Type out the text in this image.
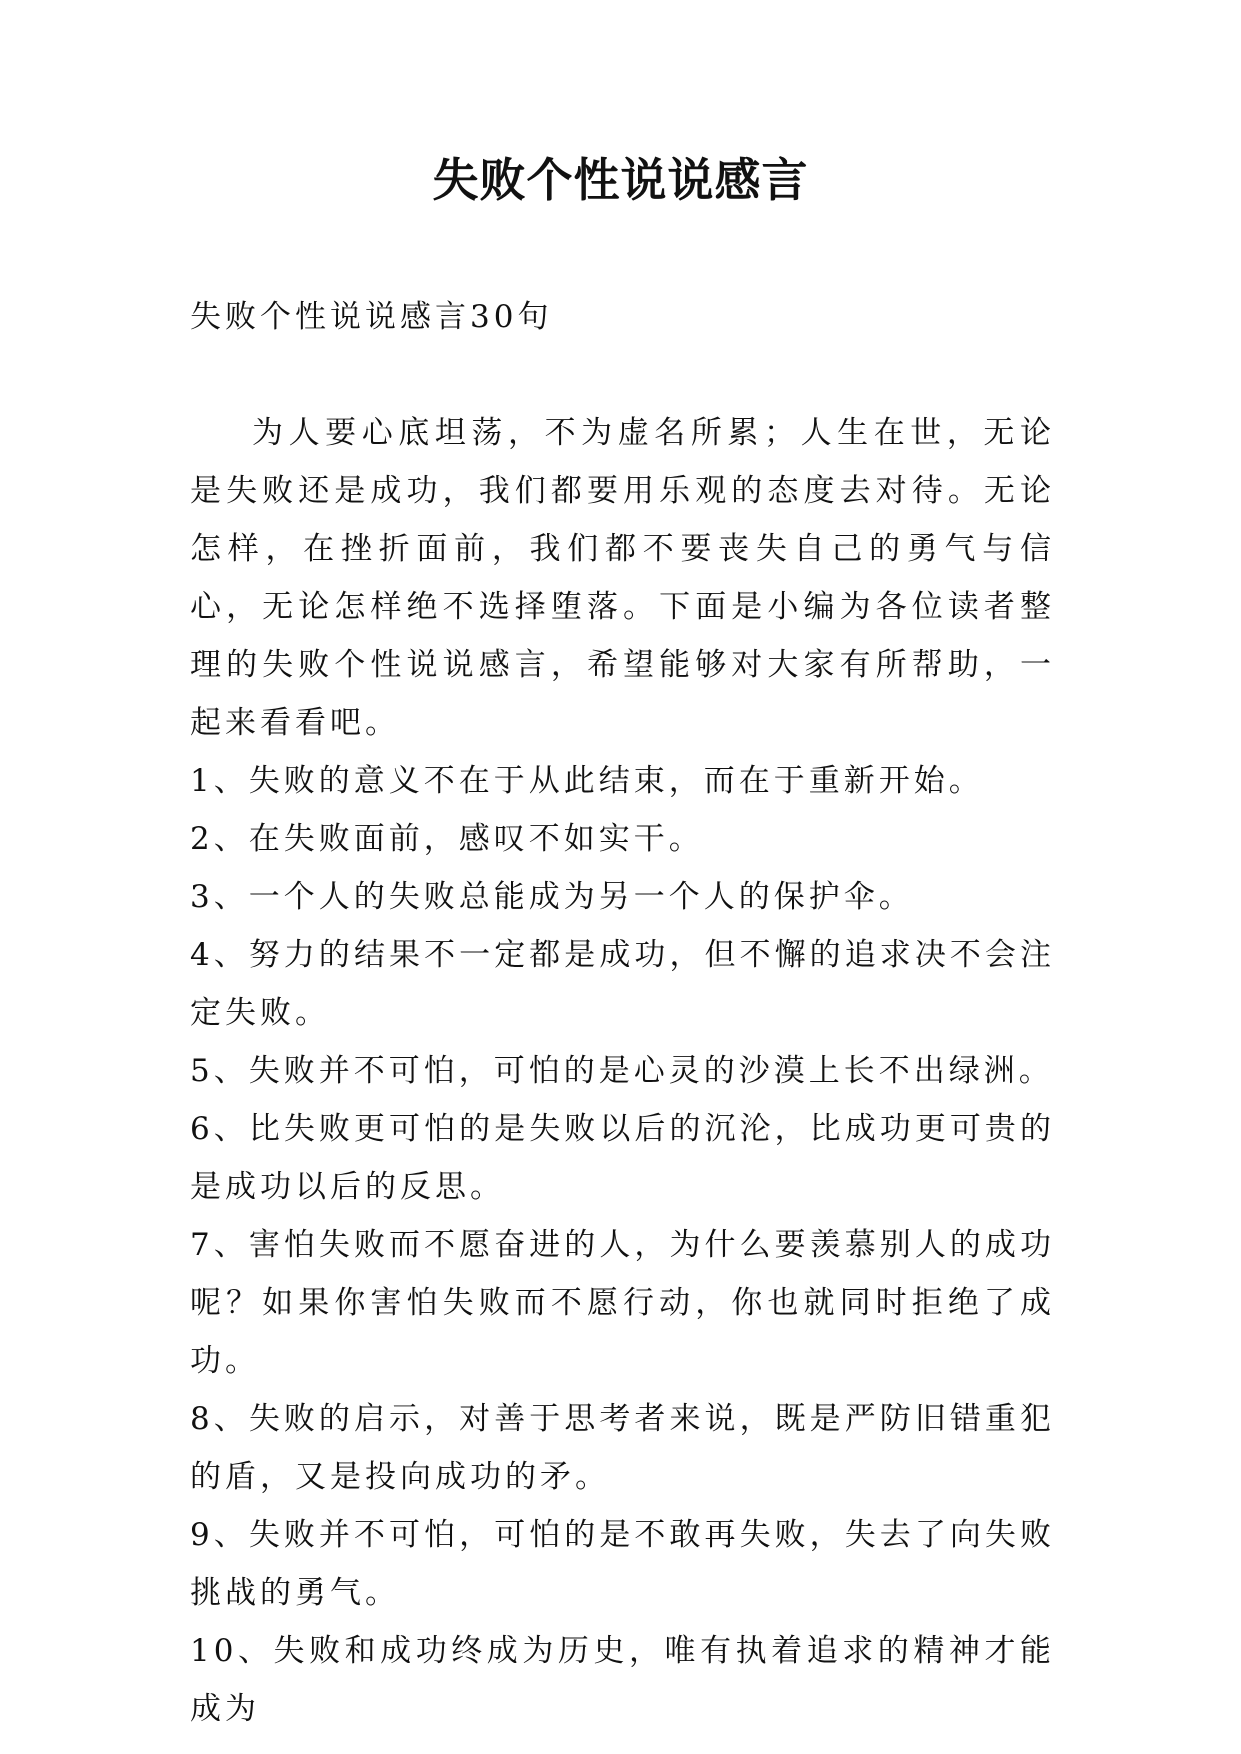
失败个性说说感言

失败个性说说感言30句

为人要心底坦荡，不为虚名所累；人生在世，无论是失败还是成功，我们都要用乐观的态度去对待。无论怎样，在挫折面前，我们都不要丧失自己的勇气与信心，无论怎样绝不选择堕落。下面是小编为各位读者整理的失败个性说说感言，希望能够对大家有所帮助，一起来看看吧。

1、失败的意义不在于从此结束，而在于重新开始。

2、在失败面前，感叹不如实干。

3、一个人的失败总能成为另一个人的保护伞。

4、努力的结果不一定都是成功，但不懈的追求决不会注定失败。

5、失败并不可怕，可怕的是心灵的沙漠上长不出绿洲。

6、比失败更可怕的是失败以后的沉沦，比成功更可贵的是成功以后的反思。

7、害怕失败而不愿奋进的人，为什么要羡慕别人的成功呢？如果你害怕失败而不愿行动，你也就同时拒绝了成功。

8、失败的启示，对善于思考者来说，既是严防旧错重犯的盾，又是投向成功的矛。

9、失败并不可怕，可怕的是不敢再失败，失去了向失败挑战的勇气。

10、失败和成功终成为历史，唯有执着追求的精神才能成为
